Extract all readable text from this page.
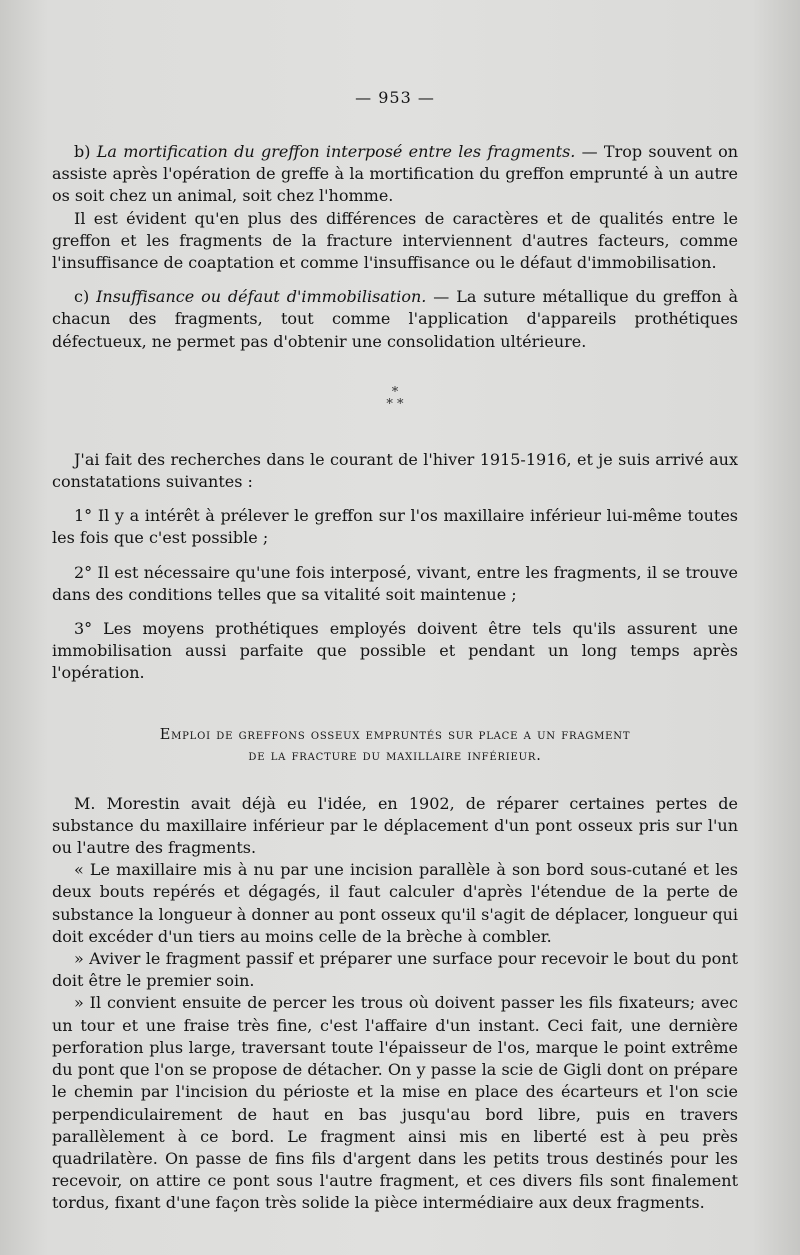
— 953 —

b) La mortification du greffon interposé entre les fragments. — Trop souvent on assiste après l'opération de greffe à la mortification du greffon emprunté à un autre os soit chez un animal, soit chez l'homme.

Il est évident qu'en plus des différences de caractères et de qualités entre le greffon et les fragments de la fracture interviennent d'autres facteurs, comme l'insuffisance de coaptation et comme l'insuffisance ou le défaut d'immobilisation.

c) Insuffisance ou défaut d'immobilisation. — La suture métallique du greffon à chacun des fragments, tout comme l'application d'appareils prothétiques défectueux, ne permet pas d'obtenir une consolidation ultérieure.

*
* *

J'ai fait des recherches dans le courant de l'hiver 1915-1916, et je suis arrivé aux constatations suivantes :

1° Il y a intérêt à prélever le greffon sur l'os maxillaire inférieur lui-même toutes les fois que c'est possible ;

2° Il est nécessaire qu'une fois interposé, vivant, entre les fragments, il se trouve dans des conditions telles que sa vitalité soit maintenue ;

3° Les moyens prothétiques employés doivent être tels qu'ils assurent une immobilisation aussi parfaite que possible et pendant un long temps après l'opération.

Emploi de greffons osseux empruntés sur place a un fragment
de la fracture du maxillaire inférieur.

M. Morestin avait déjà eu l'idée, en 1902, de réparer certaines pertes de substance du maxillaire inférieur par le déplacement d'un pont osseux pris sur l'un ou l'autre des fragments.

« Le maxillaire mis à nu par une incision parallèle à son bord sous-cutané et les deux bouts repérés et dégagés, il faut calculer d'après l'étendue de la perte de substance la longueur à donner au pont osseux qu'il s'agit de déplacer, longueur qui doit excéder d'un tiers au moins celle de la brèche à combler.

» Aviver le fragment passif et préparer une surface pour recevoir le bout du pont doit être le premier soin.

» Il convient ensuite de percer les trous où doivent passer les fils fixateurs; avec un tour et une fraise très fine, c'est l'affaire d'un instant. Ceci fait, une dernière perforation plus large, traversant toute l'épaisseur de l'os, marque le point extrême du pont que l'on se propose de détacher. On y passe la scie de Gigli dont on prépare le chemin par l'incision du périoste et la mise en place des écarteurs et l'on scie perpendiculairement de haut en bas jusqu'au bord libre, puis en travers parallèlement à ce bord. Le fragment ainsi mis en liberté est à peu près quadrilatère. On passe de fins fils d'argent dans les petits trous destinés pour les recevoir, on attire ce pont sous l'autre fragment, et ces divers fils sont finalement tordus, fixant d'une façon très solide la pièce intermédiaire aux deux fragments.
